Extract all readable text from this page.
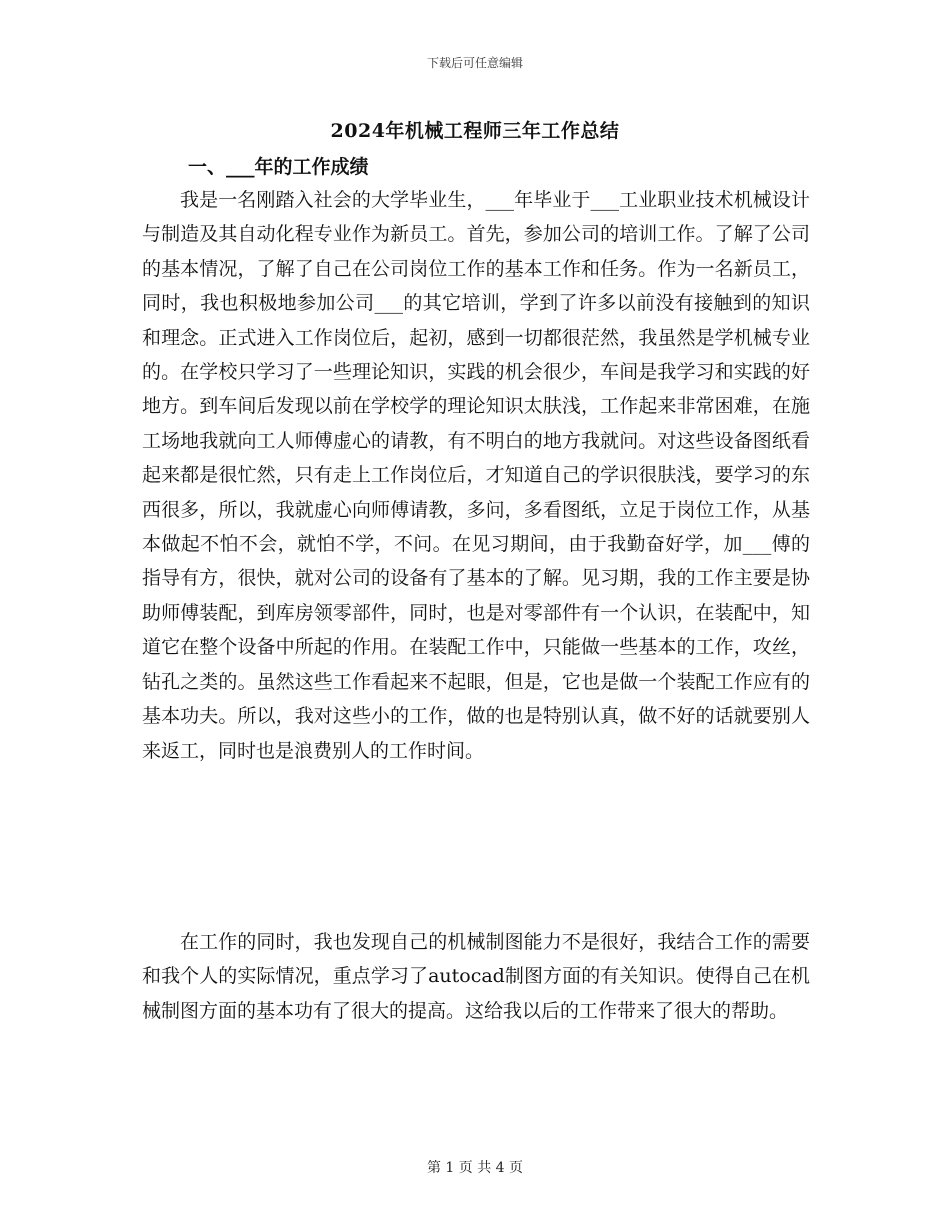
下载后可任意编辑
2024年机械工程师三年工作总结
一、___年的工作成绩

我是一名刚踏入社会的大学毕业生，___年毕业于___工业职业技术机械设计与制造及其自动化程专业作为新员工。首先，参加公司的培训工作。了解了公司的基本情况，了解了自己在公司岗位工作的基本工作和任务。作为一名新员工，同时，我也积极地参加公司___的其它培训，学到了许多以前没有接触到的知识和理念。正式进入工作岗位后，起初，感到一切都很茫然，我虽然是学机械专业的。在学校只学习了一些理论知识，实践的机会很少，车间是我学习和实践的好地方。到车间后发现以前在学校学的理论知识太肤浅，工作起来非常困难，在施工场地我就向工人师傅虚心的请教，有不明白的地方我就问。对这些设备图纸看起来都是很忙然，只有走上工作岗位后，才知道自己的学识很肤浅，要学习的东西很多，所以，我就虚心向师傅请教，多问，多看图纸，立足于岗位工作，从基本做起不怕不会，就怕不学，不问。在见习期间，由于我勤奋好学，加___傅的指导有方，很快，就对公司的设备有了基本的了解。见习期，我的工作主要是协助师傅装配，到库房领零部件，同时，也是对零部件有一个认识，在装配中，知道它在整个设备中所起的作用。在装配工作中，只能做一些基本的工作，攻丝，钻孔之类的。虽然这些工作看起来不起眼，但是，它也是做一个装配工作应有的基本功夫。所以，我对这些小的工作，做的也是特别认真，做不好的话就要别人来返工，同时也是浪费别人的工作时间。

在工作的同时，我也发现自己的机械制图能力不是很好，我结合工作的需要和我个人的实际情况，重点学习了autocad制图方面的有关知识。使得自己在机械制图方面的基本功有了很大的提高。这给我以后的工作带来了很大的帮助。

第 1 页 共 4 页
